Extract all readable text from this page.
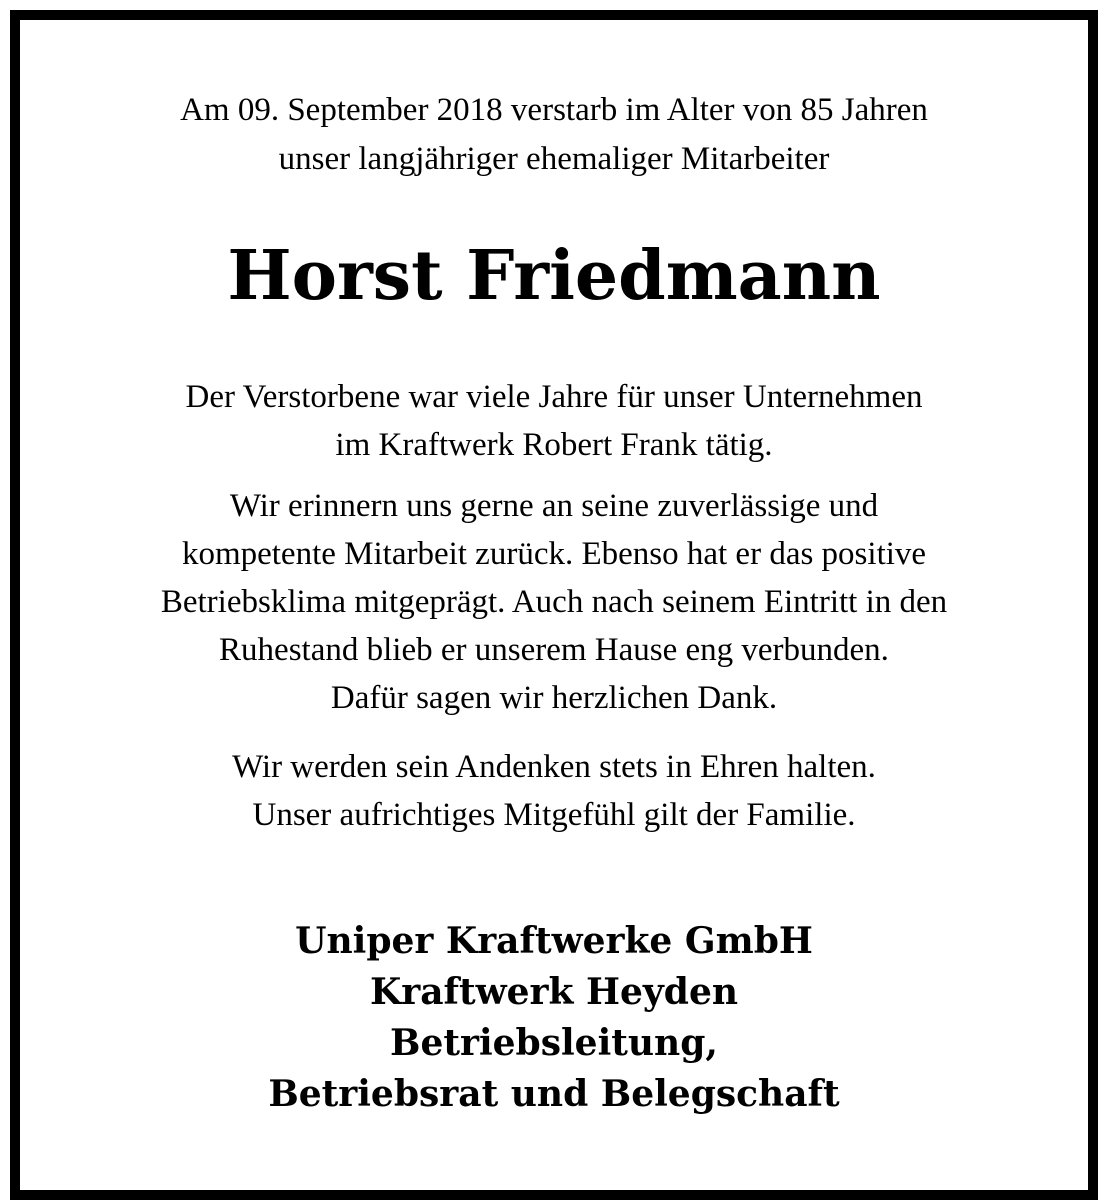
Am 09. September 2018 verstarb im Alter von 85 Jahren
unser langjähriger ehemaliger Mitarbeiter
Horst Friedmann
Der Verstorbene war viele Jahre für unser Unternehmen
im Kraftwerk Robert Frank tätig.
Wir erinnern uns gerne an seine zuverlässige und
kompetente Mitarbeit zurück. Ebenso hat er das positive
Betriebsklima mitgeprägt. Auch nach seinem Eintritt in den
Ruhestand blieb er unserem Hause eng verbunden.
Dafür sagen wir herzlichen Dank.
Wir werden sein Andenken stets in Ehren halten.
Unser aufrichtiges Mitgefühl gilt der Familie.
Uniper Kraftwerke GmbH
Kraftwerk Heyden
Betriebsleitung,
Betriebsrat und Belegschaft
